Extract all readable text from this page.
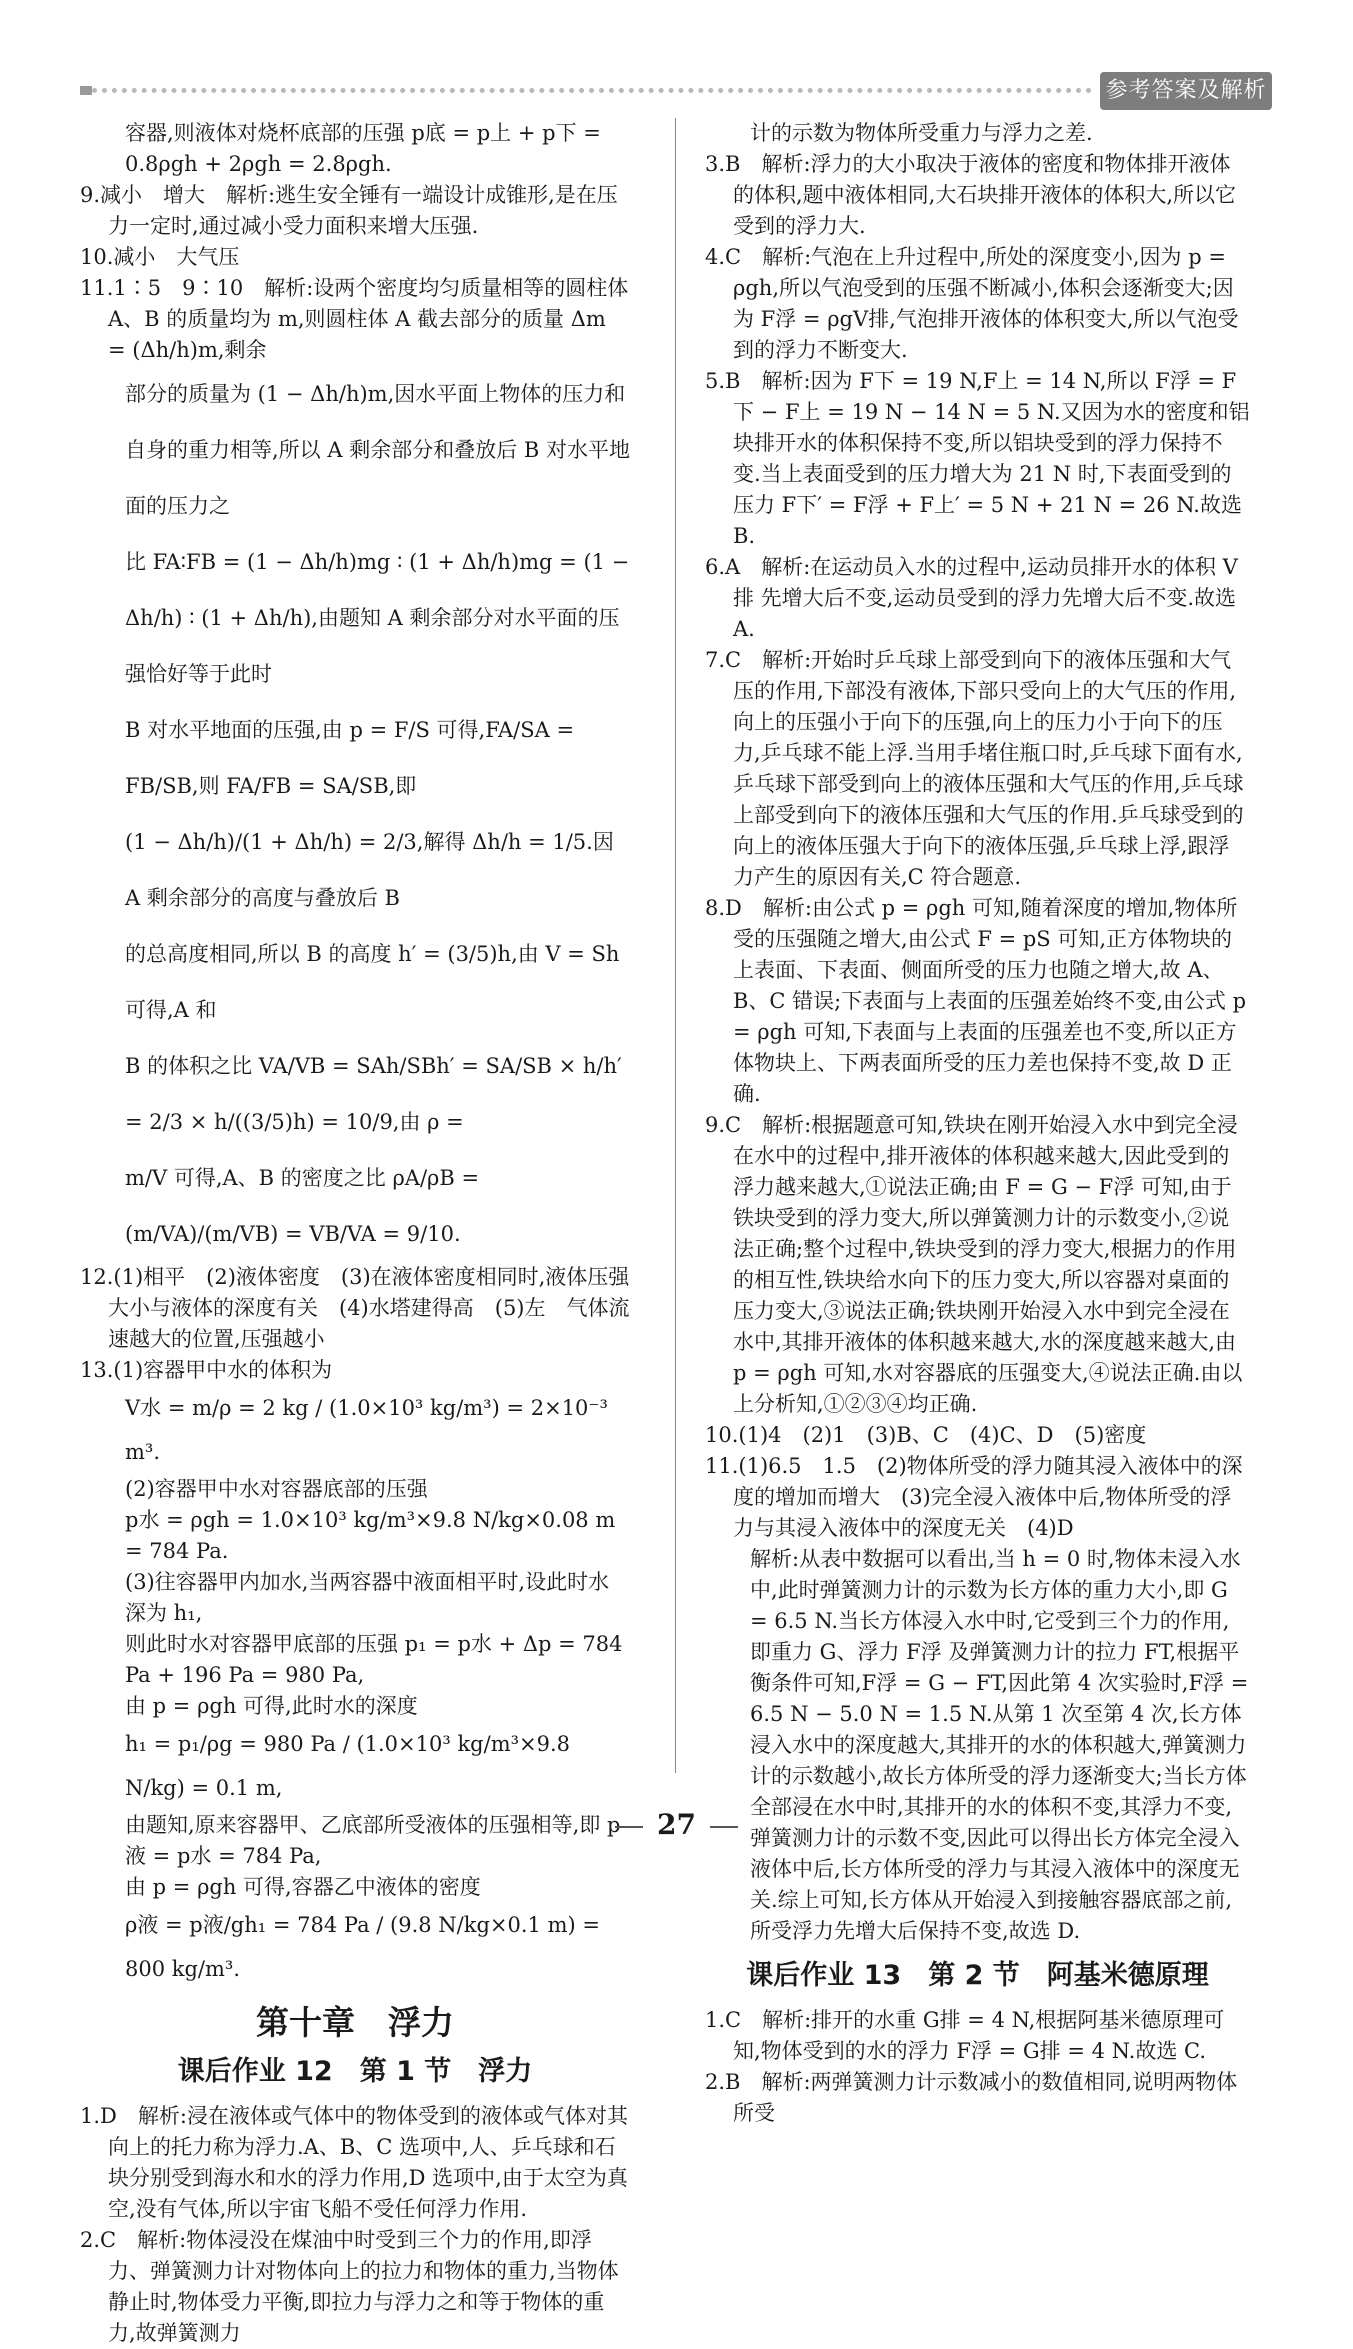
参考答案及解析

容器,则液体对烧杯底部的压强 p底 = p上 + p下 = 0.8ρgh + 2ρgh = 2.8ρgh.

9.减小　增大　解析:逃生安全锤有一端设计成锥形,是在压力一定时,通过减小受力面积来增大压强.

10.减小　大气压

11.1∶5　9∶10　解析:设两个密度均匀质量相等的圆柱体 A、B 的质量均为 m,则圆柱体 A 截去部分的质量 Δm = (Δh/h)m,剩余

部分的质量为 (1 − Δh/h)m,因水平面上物体的压力和自身的重力相等,所以 A 剩余部分和叠放后 B 对水平地面的压力之

比 FA∶FB = (1 − Δh/h)mg ∶ (1 + Δh/h)mg = (1 − Δh/h) ∶ (1 + Δh/h),由题知 A 剩余部分对水平面的压强恰好等于此时

B 对水平地面的压强,由 p = F/S 可得,FA/SA = FB/SB,则 FA/FB = SA/SB,即

(1 − Δh/h)/(1 + Δh/h) = 2/3,解得 Δh/h = 1/5.因 A 剩余部分的高度与叠放后 B

的总高度相同,所以 B 的高度 h′ = (3/5)h,由 V = Sh 可得,A 和

B 的体积之比 VA/VB = SAh/SBh′ = SA/SB × h/h′ = 2/3 × h/((3/5)h) = 10/9,由 ρ =

m/V 可得,A、B 的密度之比 ρA/ρB = (m/VA)/(m/VB) = VB/VA = 9/10.

12.(1)相平　(2)液体密度　(3)在液体密度相同时,液体压强大小与液体的深度有关　(4)水塔建得高　(5)左　气体流速越大的位置,压强越小

13.(1)容器甲中水的体积为

V水 = m/ρ = 2 kg / (1.0×10³ kg/m³) = 2×10⁻³ m³.

(2)容器甲中水对容器底部的压强

p水 = ρgh = 1.0×10³ kg/m³×9.8 N/kg×0.08 m = 784 Pa.

(3)往容器甲内加水,当两容器中液面相平时,设此时水深为 h₁,

则此时水对容器甲底部的压强 p₁ = p水 + Δp = 784 Pa + 196 Pa = 980 Pa,

由 p = ρgh 可得,此时水的深度

h₁ = p₁/ρg = 980 Pa / (1.0×10³ kg/m³×9.8 N/kg) = 0.1 m,

由题知,原来容器甲、乙底部所受液体的压强相等,即 p液 = p水 = 784 Pa,

由 p = ρgh 可得,容器乙中液体的密度

ρ液 = p液/gh₁ = 784 Pa / (9.8 N/kg×0.1 m) = 800 kg/m³.

第十章　浮力
课后作业 12　第 1 节　浮力

1.D　解析:浸在液体或气体中的物体受到的液体或气体对其向上的托力称为浮力.A、B、C 选项中,人、乒乓球和石块分别受到海水和水的浮力作用,D 选项中,由于太空为真空,没有气体,所以宇宙飞船不受任何浮力作用.

2.C　解析:物体浸没在煤油中时受到三个力的作用,即浮力、弹簧测力计对物体向上的拉力和物体的重力,当物体静止时,物体受力平衡,即拉力与浮力之和等于物体的重力,故弹簧测力

计的示数为物体所受重力与浮力之差.

3.B　解析:浮力的大小取决于液体的密度和物体排开液体的体积,题中液体相同,大石块排开液体的体积大,所以它受到的浮力大.

4.C　解析:气泡在上升过程中,所处的深度变小,因为 p = ρgh,所以气泡受到的压强不断减小,体积会逐渐变大;因为 F浮 = ρgV排,气泡排开液体的体积变大,所以气泡受到的浮力不断变大.

5.B　解析:因为 F下 = 19 N,F上 = 14 N,所以 F浮 = F下 − F上 = 19 N − 14 N = 5 N.又因为水的密度和铝块排开水的体积保持不变,所以铝块受到的浮力保持不变.当上表面受到的压力增大为 21 N 时,下表面受到的压力 F下′ = F浮 + F上′ = 5 N + 21 N = 26 N.故选 B.

6.A　解析:在运动员入水的过程中,运动员排开水的体积 V排 先增大后不变,运动员受到的浮力先增大后不变.故选 A.

7.C　解析:开始时乒乓球上部受到向下的液体压强和大气压的作用,下部没有液体,下部只受向上的大气压的作用,向上的压强小于向下的压强,向上的压力小于向下的压力,乒乓球不能上浮.当用手堵住瓶口时,乒乓球下面有水,乒乓球下部受到向上的液体压强和大气压的作用,乒乓球上部受到向下的液体压强和大气压的作用.乒乓球受到的向上的液体压强大于向下的液体压强,乒乓球上浮,跟浮力产生的原因有关,C 符合题意.

8.D　解析:由公式 p = ρgh 可知,随着深度的增加,物体所受的压强随之增大,由公式 F = pS 可知,正方体物块的上表面、下表面、侧面所受的压力也随之增大,故 A、B、C 错误;下表面与上表面的压强差始终不变,由公式 p = ρgh 可知,下表面与上表面的压强差也不变,所以正方体物块上、下两表面所受的压力差也保持不变,故 D 正确.

9.C　解析:根据题意可知,铁块在刚开始浸入水中到完全浸在水中的过程中,排开液体的体积越来越大,因此受到的浮力越来越大,①说法正确;由 F = G − F浮 可知,由于铁块受到的浮力变大,所以弹簧测力计的示数变小,②说法正确;整个过程中,铁块受到的浮力变大,根据力的作用的相互性,铁块给水向下的压力变大,所以容器对桌面的压力变大,③说法正确;铁块刚开始浸入水中到完全浸在水中,其排开液体的体积越来越大,水的深度越来越大,由 p = ρgh 可知,水对容器底的压强变大,④说法正确.由以上分析知,①②③④均正确.

10.(1)4　(2)1　(3)B、C　(4)C、D　(5)密度

11.(1)6.5　1.5　(2)物体所受的浮力随其浸入液体中的深度的增加而增大　(3)完全浸入液体中后,物体所受的浮力与其浸入液体中的深度无关　(4)D

解析:从表中数据可以看出,当 h = 0 时,物体未浸入水中,此时弹簧测力计的示数为长方体的重力大小,即 G = 6.5 N.当长方体浸入水中时,它受到三个力的作用,即重力 G、浮力 F浮 及弹簧测力计的拉力 FT,根据平衡条件可知,F浮 = G − FT,因此第 4 次实验时,F浮 = 6.5 N − 5.0 N = 1.5 N.从第 1 次至第 4 次,长方体浸入水中的深度越大,其排开的水的体积越大,弹簧测力计的示数越小,故长方体所受的浮力逐渐变大;当长方体全部浸在水中时,其排开的水的体积不变,其浮力不变,弹簧测力计的示数不变,因此可以得出长方体完全浸入液体中后,长方体所受的浮力与其浸入液体中的深度无关.综上可知,长方体从开始浸入到接触容器底部之前,所受浮力先增大后保持不变,故选 D.

课后作业 13　第 2 节　阿基米德原理

1.C　解析:排开的水重 G排 = 4 N,根据阿基米德原理可知,物体受到的水的浮力 F浮 = G排 = 4 N.故选 C.

2.B　解析:两弹簧测力计示数减小的数值相同,说明两物体所受

27
